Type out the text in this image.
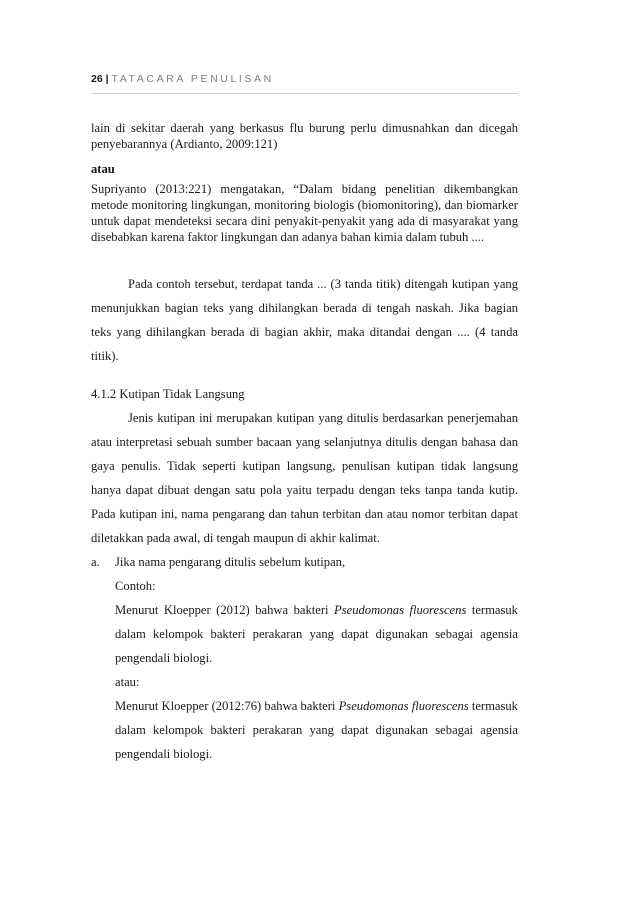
26 | TATACARA PENULISAN

lain di sekitar daerah yang berkasus flu burung perlu dimusnahkan dan dicegah penyebarannya (Ardianto, 2009:121)

atau

Supriyanto (2013:221) mengatakan, “Dalam bidang penelitian dikembangkan metode monitoring lingkungan, monitoring biologis (biomonitoring), dan biomarker untuk dapat mendeteksi secara dini penyakit-penyakit yang ada di masyarakat yang disebabkan karena faktor lingkungan dan adanya bahan kimia dalam tubuh ....

Pada contoh tersebut, terdapat tanda ... (3 tanda titik) ditengah kutipan yang menunjukkan bagian teks yang dihilangkan berada di tengah naskah. Jika bagian teks yang dihilangkan berada di bagian akhir, maka ditandai dengan .... (4 tanda titik).

4.1.2 Kutipan Tidak Langsung

Jenis kutipan ini merupakan kutipan yang ditulis berdasarkan penerjemahan atau interpretasi sebuah sumber bacaan yang selanjutnya ditulis dengan bahasa dan gaya penulis. Tidak seperti kutipan langsung, penulisan kutipan tidak langsung hanya dapat dibuat dengan satu pola yaitu terpadu dengan teks tanpa tanda kutip. Pada kutipan ini, nama pengarang dan tahun terbitan dan atau nomor terbitan dapat diletakkan pada awal, di tengah maupun di akhir kalimat.

a. Jika nama pengarang ditulis sebelum kutipan,

Contoh:

Menurut Kloepper (2012) bahwa bakteri Pseudomonas fluorescens termasuk dalam kelompok bakteri perakaran yang dapat digunakan sebagai agensia pengendali biologi.

atau:

Menurut Kloepper (2012:76) bahwa bakteri Pseudomonas fluorescens termasuk dalam kelompok bakteri perakaran yang dapat digunakan sebagai agensia pengendali biologi.
